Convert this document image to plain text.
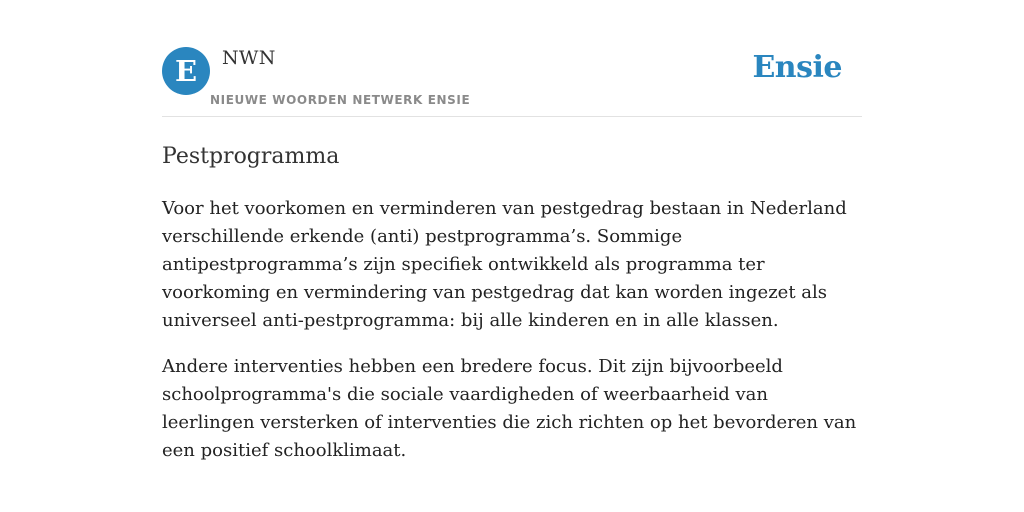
E	NWN
NIEUWE WOORDEN NETWERK ENSIE
Ensie
Pestprogramma

Voor het voorkomen en verminderen van pestgedrag bestaan in Nederland verschillende erkende (anti) pestprogramma’s. Sommige antipestprogramma’s zijn specifiek ontwikkeld als programma ter voorkoming en vermindering van pestgedrag dat kan worden ingezet als universeel anti-pestprogramma: bij alle kinderen en in alle klassen.

Andere interventies hebben een bredere focus. Dit zijn bijvoorbeeld schoolprogramma's die sociale vaardigheden of weerbaarheid van leerlingen versterken of interventies die zich richten op het bevorderen van een positief schoolklimaat.
